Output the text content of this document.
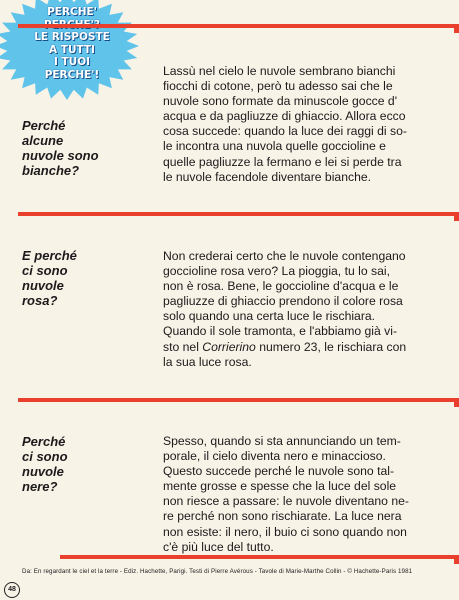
PERCHE'
LE RISPOSTE
A TUTTI
I TUOI
PERCHE'!
Perché
alcune
nuvole sono
bianche?
Lassù nel cielo le nuvole sembrano bianchi
fiocchi di cotone, però tu adesso sai che le
nuvole sono formate da minuscole gocce d'
acqua e da pagliuzze di ghiaccio. Allora ecco
cosa succede: quando la luce dei raggi di so-
le incontra una nuvola quelle goccioline e
quelle pagliuzze la fermano e lei si perde tra
le nuvole facendole diventare bianche.
E perché
ci sono
nuvole
rosa?
Non crederai certo che le nuvole contengano
goccioline rosa vero? La pioggia, tu lo sai,
non è rosa. Bene, le goccioline d'acqua e le
pagliuzze di ghiaccio prendono il colore rosa
solo quando una certa luce le rischiara.
Quando il sole tramonta, e l'abbiamo già vi-
sto nel Corrierino numero 23, le rischiara con
la sua luce rosa.
Perché
ci sono
nuvole
nere?
Spesso, quando si sta annunciando un tem-
porale, il cielo diventa nero e minaccioso.
Questo succede perché le nuvole sono tal-
mente grosse e spesse che la luce del sole
non riesce a passare: le nuvole diventano ne-
re perché non sono rischiarate. La luce nera
non esiste: il nero, il buio ci sono quando non
c'è più luce del tutto.
Da: En regardant le ciel et la terre - Ediz. Hachette, Parigi. Testi di Pierre Avérous - Tavole di Marie-Marthe Collin - © Hachette-Paris 1981
48
